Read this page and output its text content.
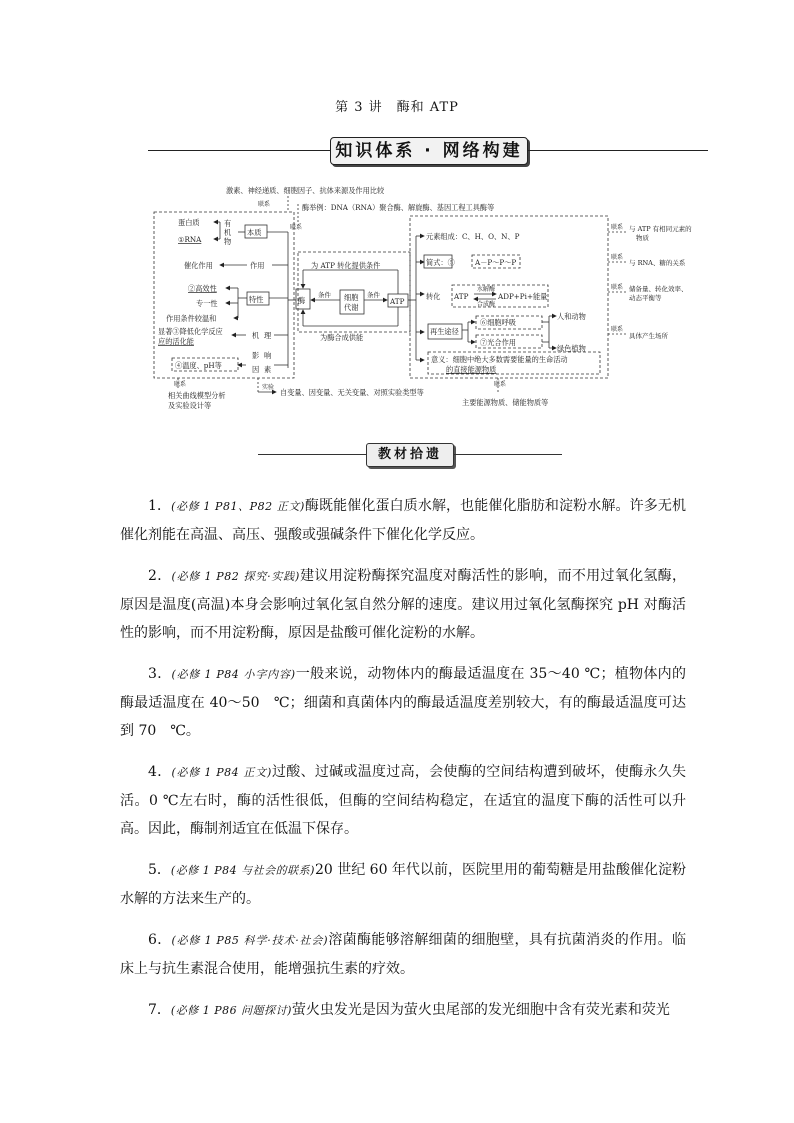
第 3 讲　酶和 ATP
知识体系 · 网络构建
激素、神经递质、细胞因子、抗体来源及作用比较
联系	酶举例：DNA（RNA）聚合酶、解旋酶、基因工程工具酶等
联系
蛋白质	有
机
物
①RNA
本质
催化作用	作用
②高效性
专一性
作用条件较温和
特性
显著③降低化学反应
应的活化能
机 理
④温度、pH等
影 响
因 素
酶
为 ATP 转化提供条件
条件	条件
细胞
代谢
ATP
为酶合成供能
元素组成：C、H、O、N、P
简式：⑤	A－P～P～P
转化 ATP
水解酶
合成酶
ADP+Pi+能量
再生途径
⑥细胞呼吸
⑦光合作用
人和动物
绿色植物
意义：细胞中绝大多数需要能量的生命活动
的直接能源物质
实验
自变量、因变量、无关变量、对照实验类型等
联系
相关曲线模型分析
及实验设计等
联系
主要能源物质、储能物质等
联系 与 ATP 有相同元素的
物质
联系
与 RNA、糖的关系
联系 储备量、转化效率、
动态平衡等
联系
具体产生场所
教材拾遗

1．(必修 1 P81、P82 正文)酶既能催化蛋白质水解，也能催化脂肪和淀粉水解。许多无机催化剂能在高温、高压、强酸或强碱条件下催化化学反应。

2．(必修 1 P82 探究·实践)建议用淀粉酶探究温度对酶活性的影响，而不用过氧化氢酶，原因是温度(高温)本身会影响过氧化氢自然分解的速度。建议用过氧化氢酶探究 pH 对酶活性的影响，而不用淀粉酶，原因是盐酸可催化淀粉的水解。

3．(必修 1 P84 小字内容)一般来说，动物体内的酶最适温度在 35～40 ℃；植物体内的酶最适温度在 40～50　℃；细菌和真菌体内的酶最适温度差别较大，有的酶最适温度可达到 70　℃。

4．(必修 1 P84 正文)过酸、过碱或温度过高，会使酶的空间结构遭到破坏，使酶永久失活。0 ℃左右时，酶的活性很低，但酶的空间结构稳定，在适宜的温度下酶的活性可以升高。因此，酶制剂适宜在低温下保存。

5．(必修 1 P84 与社会的联系)20 世纪 60 年代以前，医院里用的葡萄糖是用盐酸催化淀粉水解的方法来生产的。

6．(必修 1 P85 科学·技术·社会)溶菌酶能够溶解细菌的细胞壁，具有抗菌消炎的作用。临床上与抗生素混合使用，能增强抗生素的疗效。

7．(必修 1 P86 问题探讨)萤火虫发光是因为萤火虫尾部的发光细胞中含有荧光素和荧光
